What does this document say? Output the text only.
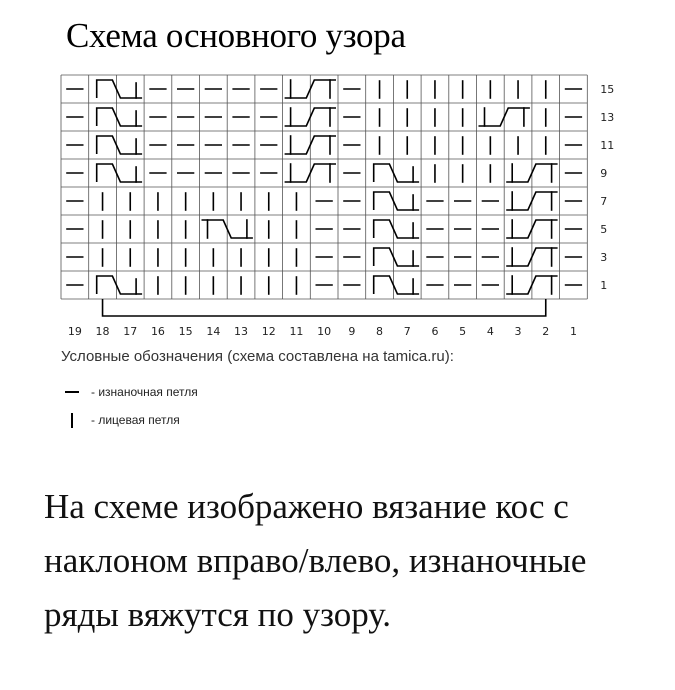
Схема основного узора
15
13
11
9
7
5
3
1
19 18 17 16 15 14 13 12 11 10 9 8 7 6 5 4 3 2 1

Условные обозначения (схема составлена на tamica.ru):

- изнаночная петля
- лицевая петля

На схеме изображено вязание кос с наклоном вправо/влево, изнаночные ряды вяжутся по узору.
